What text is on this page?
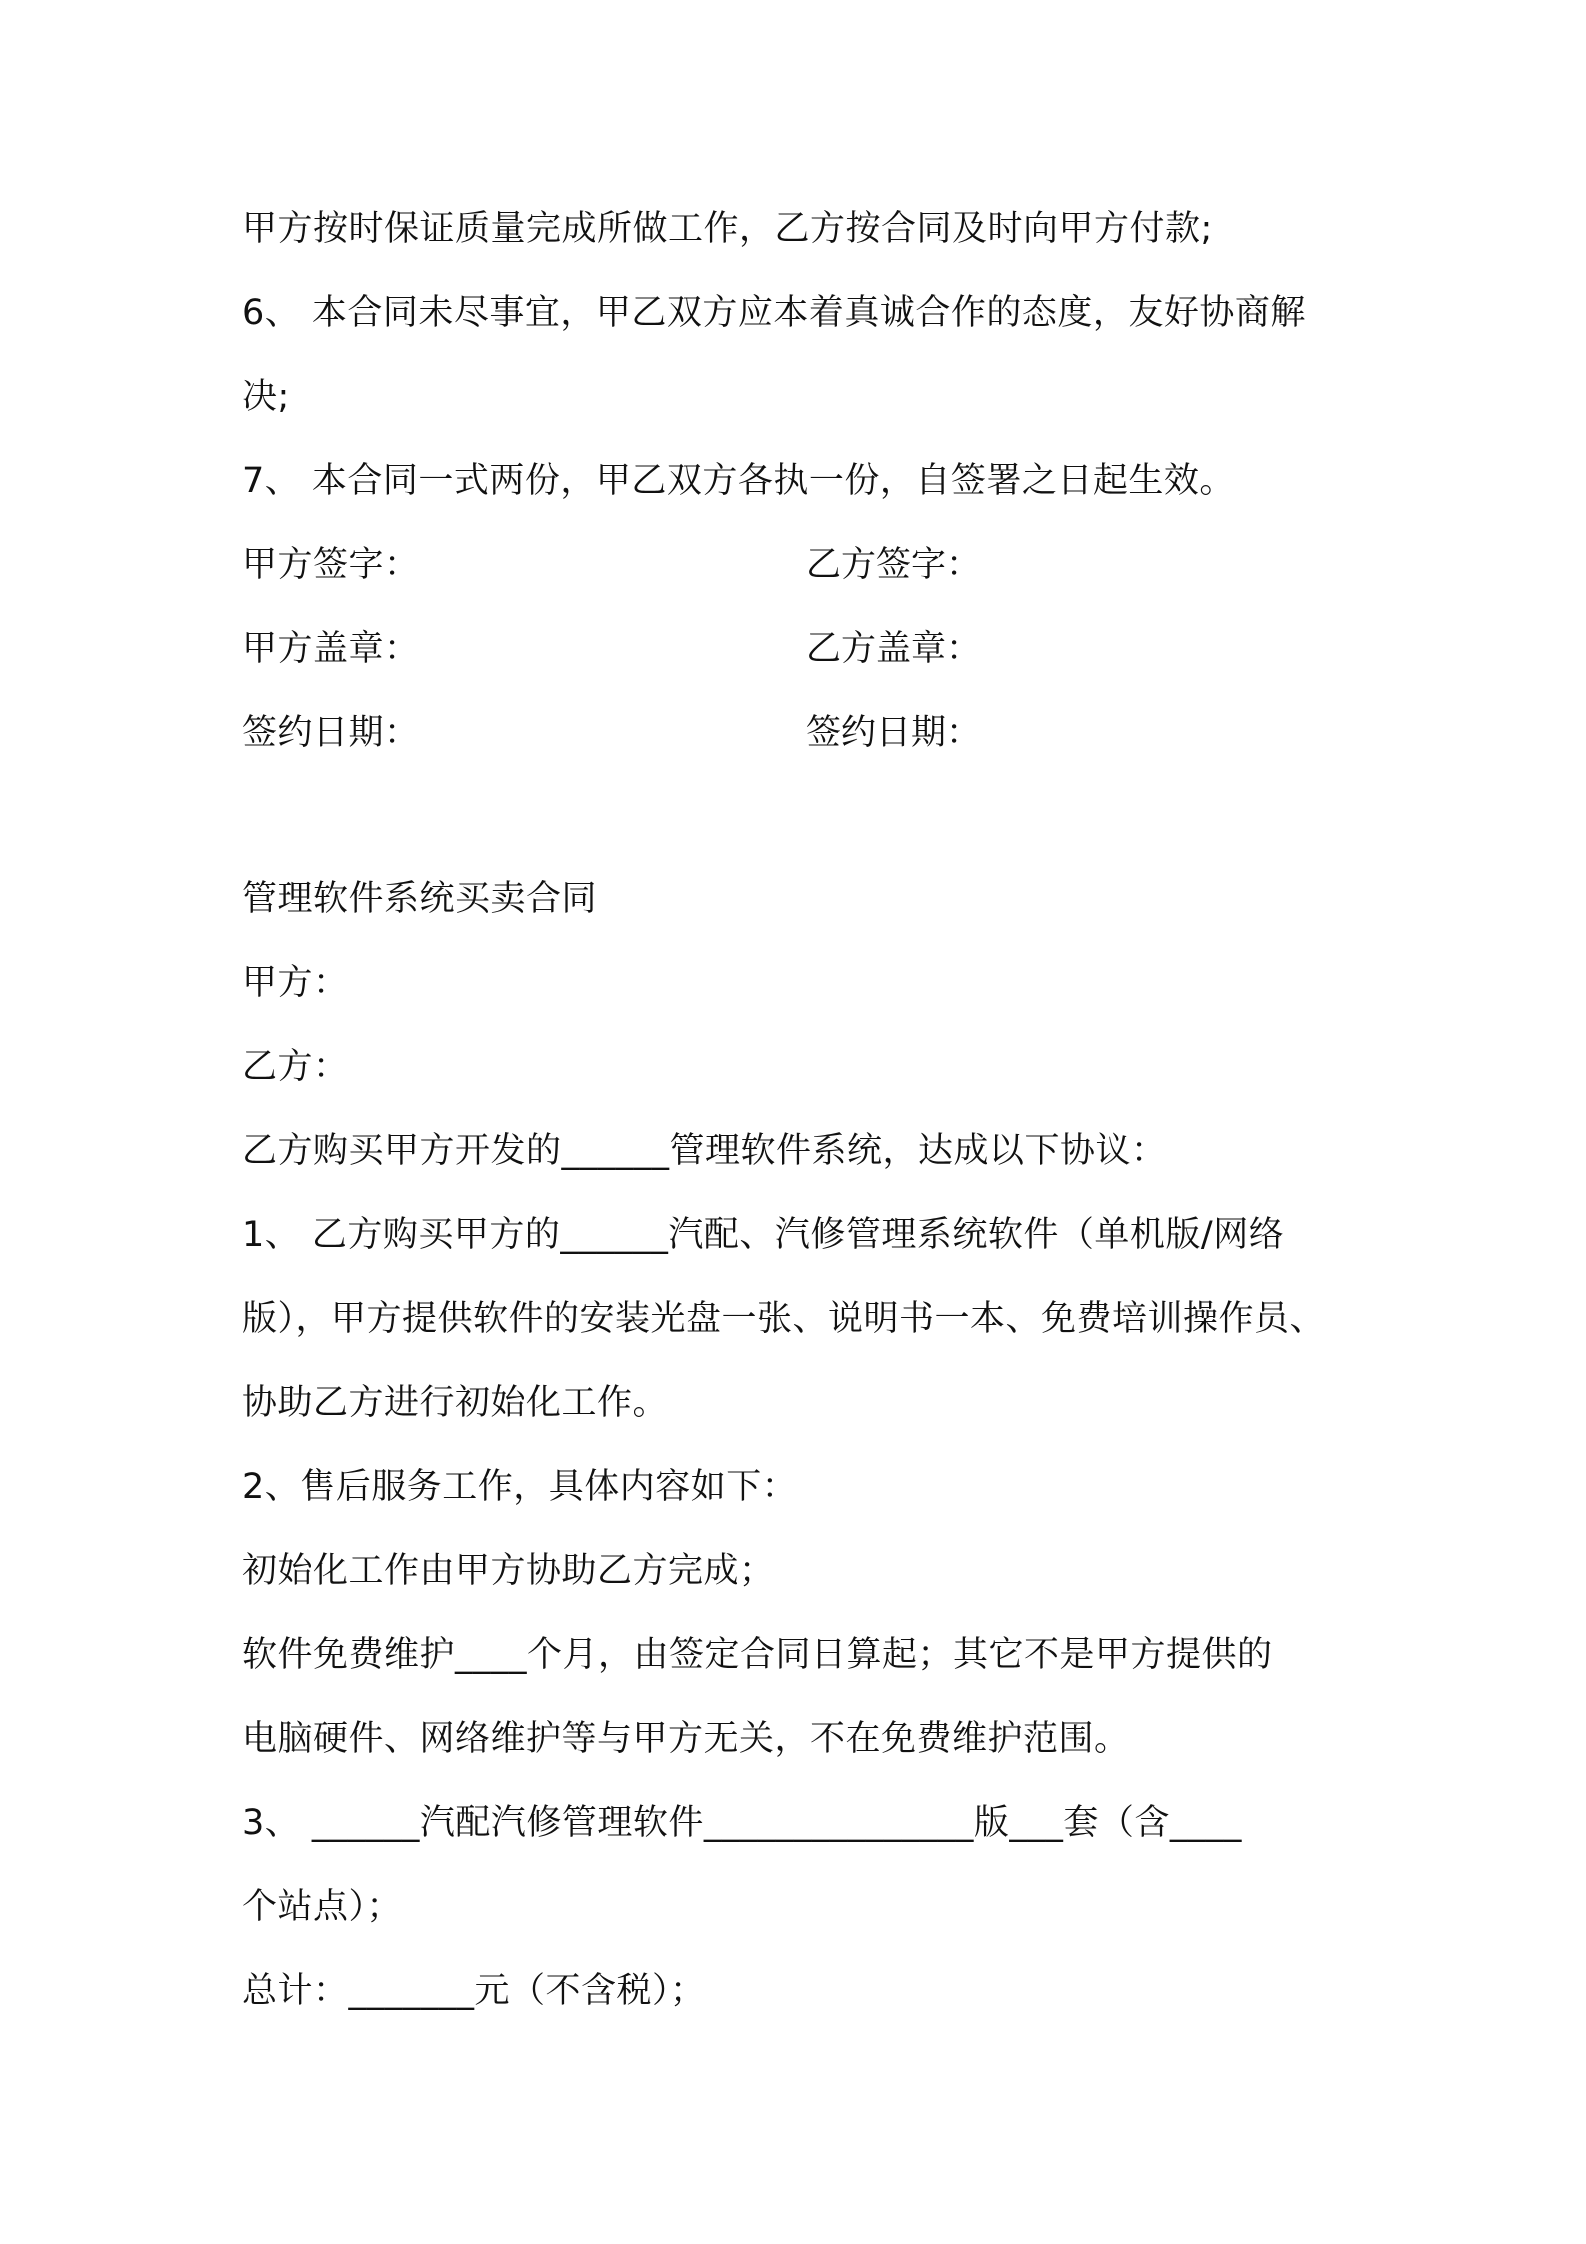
甲方按时保证质量完成所做工作，乙方按合同及时向甲方付款;
6、 本合同未尽事宜，甲乙双方应本着真诚合作的态度，友好协商解
决;
7、 本合同一式两份，甲乙双方各执一份，自签署之日起生效。
甲方签字：	乙方签字：
甲方盖章：	乙方盖章：
签约日期：	签约日期：
管理软件系统买卖合同
甲方：
乙方：
乙方购买甲方开发的______管理软件系统，达成以下协议：
1、 乙方购买甲方的______汽配、汽修管理系统软件（单机版/网络
版），甲方提供软件的安装光盘一张、说明书一本、免费培训操作员、
协助乙方进行初始化工作。
2、售后服务工作，具体内容如下：
初始化工作由甲方协助乙方完成；
软件免费维护____个月，由签定合同日算起；其它不是甲方提供的
电脑硬件、网络维护等与甲方无关，不在免费维护范围。
3、 ______汽配汽修管理软件_______________版___套（含____
个站点）；
总计：_______元（不含税）；
